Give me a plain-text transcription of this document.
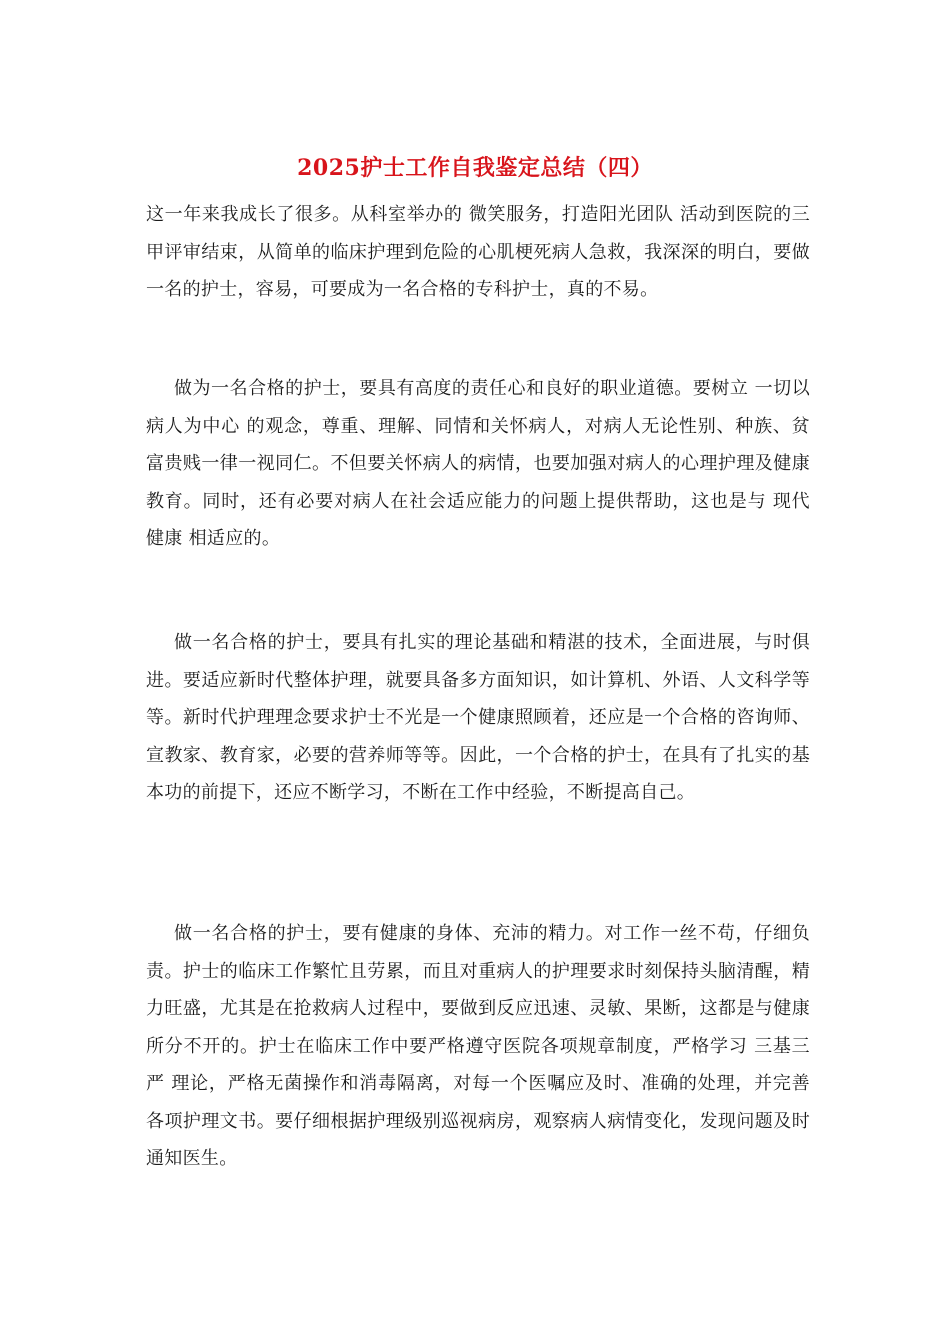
2025护士工作自我鉴定总结（四）

这一年来我成长了很多。从科室举办的 微笑服务，打造阳光团队 活动到医院的三甲评审结束，从简单的临床护理到危险的心肌梗死病人急救，我深深的明白，要做一名的护士，容易，可要成为一名合格的专科护士，真的不易。

做为一名合格的护士，要具有高度的责任心和良好的职业道德。要树立 一切以病人为中心 的观念，尊重、理解、同情和关怀病人，对病人无论性别、种族、贫富贵贱一律一视同仁。不但要关怀病人的病情，也要加强对病人的心理护理及健康教育。同时，还有必要对病人在社会适应能力的问题上提供帮助，这也是与 现代健康 相适应的。

做一名合格的护士，要具有扎实的理论基础和精湛的技术，全面进展，与时俱进。要适应新时代整体护理，就要具备多方面知识，如计算机、外语、人文科学等等。新时代护理理念要求护士不光是一个健康照顾着，还应是一个合格的咨询师、宣教家、教育家，必要的营养师等等。因此，一个合格的护士，在具有了扎实的基本功的前提下，还应不断学习，不断在工作中经验，不断提高自己。

做一名合格的护士，要有健康的身体、充沛的精力。对工作一丝不苟，仔细负责。护士的临床工作繁忙且劳累，而且对重病人的护理要求时刻保持头脑清醒，精力旺盛，尤其是在抢救病人过程中，要做到反应迅速、灵敏、果断，这都是与健康所分不开的。护士在临床工作中要严格遵守医院各项规章制度，严格学习 三基三严 理论，严格无菌操作和消毒隔离，对每一个医嘱应及时、准确的处理，并完善各项护理文书。要仔细根据护理级别巡视病房，观察病人病情变化，发现问题及时通知医生。
